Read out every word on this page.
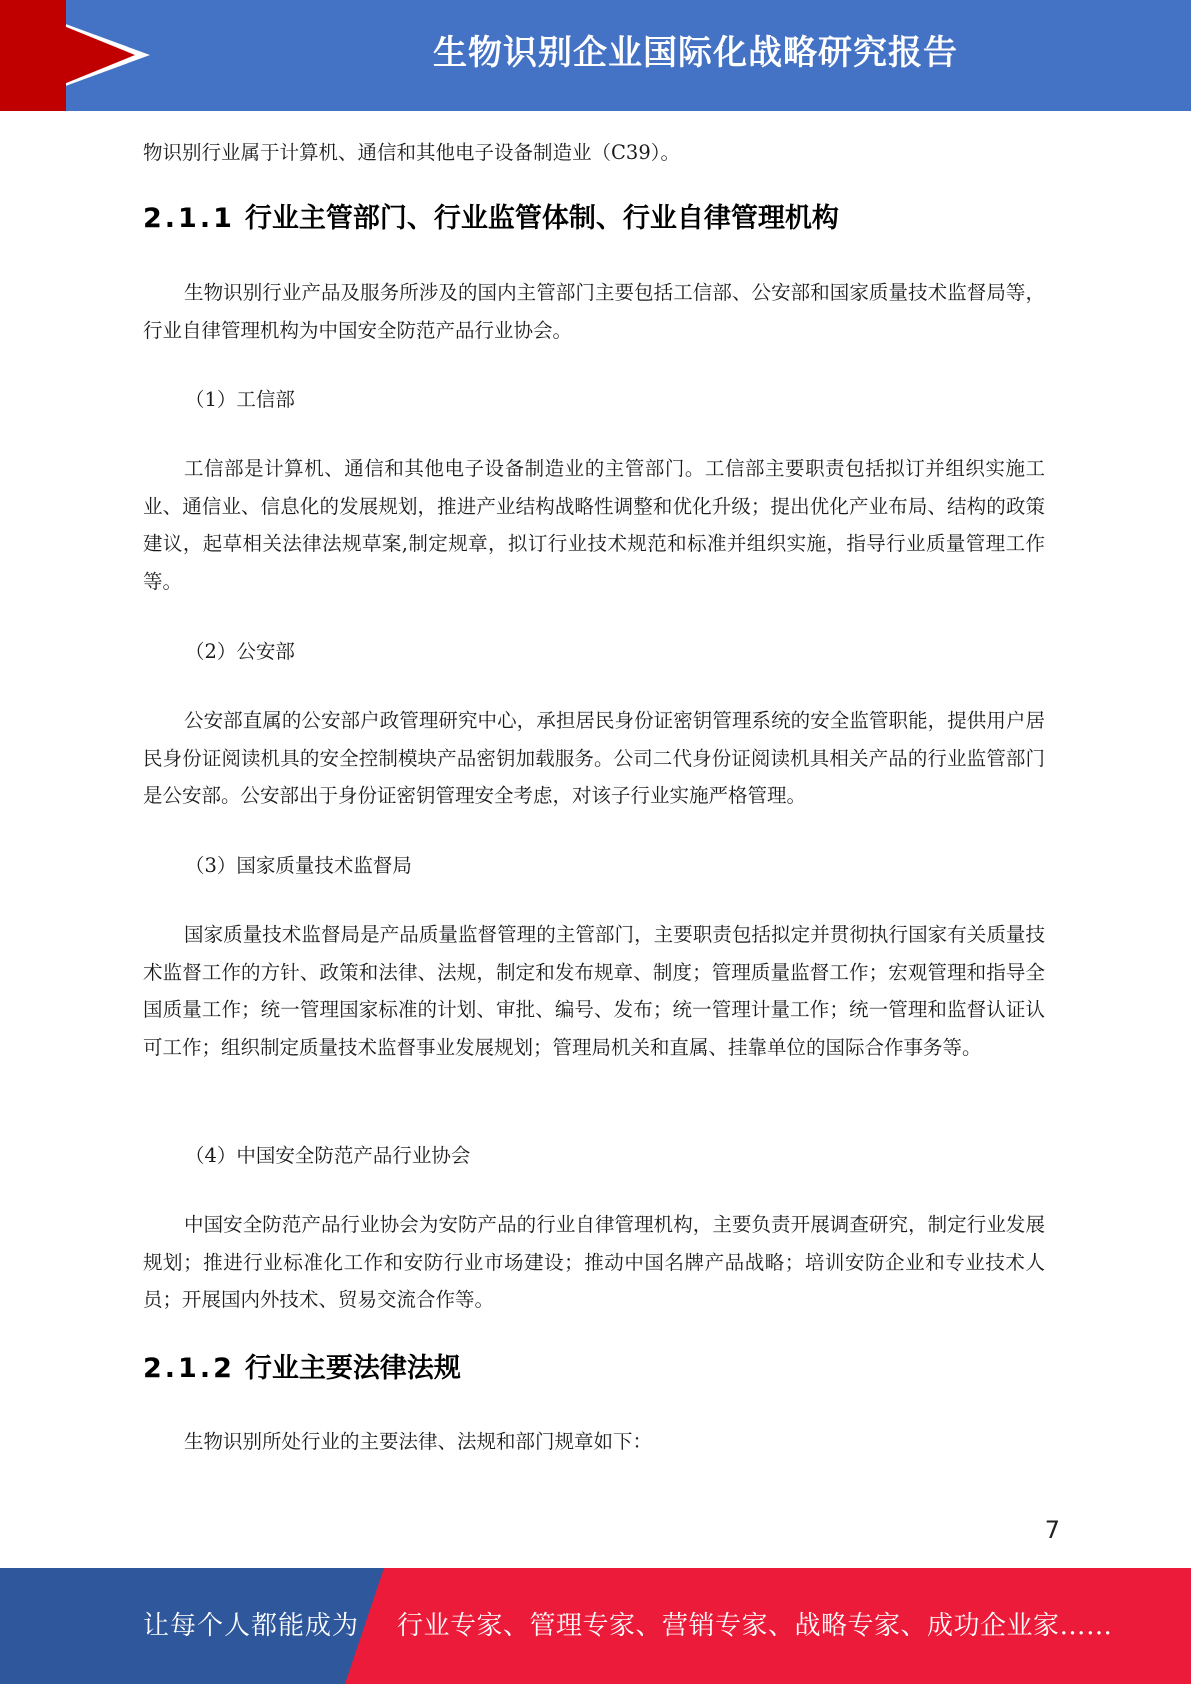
生物识别企业国际化战略研究报告
物识别行业属于计算机、通信和其他电子设备制造业（C39）。
2.1.1 行业主管部门、行业监管体制、行业自律管理机构
生物识别行业产品及服务所涉及的国内主管部门主要包括工信部、公安部和国家质量技术监督局等，行业自律管理机构为中国安全防范产品行业协会。
（1）工信部
工信部是计算机、通信和其他电子设备制造业的主管部门。工信部主要职责包括拟订并组织实施工业、通信业、信息化的发展规划，推进产业结构战略性调整和优化升级；提出优化产业布局、结构的政策建议，起草相关法律法规草案,制定规章，拟订行业技术规范和标准并组织实施，指导行业质量管理工作等。
（2）公安部
公安部直属的公安部户政管理研究中心，承担居民身份证密钥管理系统的安全监管职能，提供用户居民身份证阅读机具的安全控制模块产品密钥加载服务。公司二代身份证阅读机具相关产品的行业监管部门是公安部。公安部出于身份证密钥管理安全考虑，对该子行业实施严格管理。
（3）国家质量技术监督局
国家质量技术监督局是产品质量监督管理的主管部门，主要职责包括拟定并贯彻执行国家有关质量技术监督工作的方针、政策和法律、法规，制定和发布规章、制度；管理质量监督工作；宏观管理和指导全国质量工作；统一管理国家标准的计划、审批、编号、发布；统一管理计量工作；统一管理和监督认证认可工作；组织制定质量技术监督事业发展规划；管理局机关和直属、挂靠单位的国际合作事务等。
（4）中国安全防范产品行业协会
中国安全防范产品行业协会为安防产品的行业自律管理机构，主要负责开展调查研究，制定行业发展规划；推进行业标准化工作和安防行业市场建设；推动中国名牌产品战略；培训安防企业和专业技术人员；开展国内外技术、贸易交流合作等。
2.1.2 行业主要法律法规
生物识别所处行业的主要法律、法规和部门规章如下：
7
让每个人都能成为 行业专家、管理专家、营销专家、战略专家、成功企业家……
